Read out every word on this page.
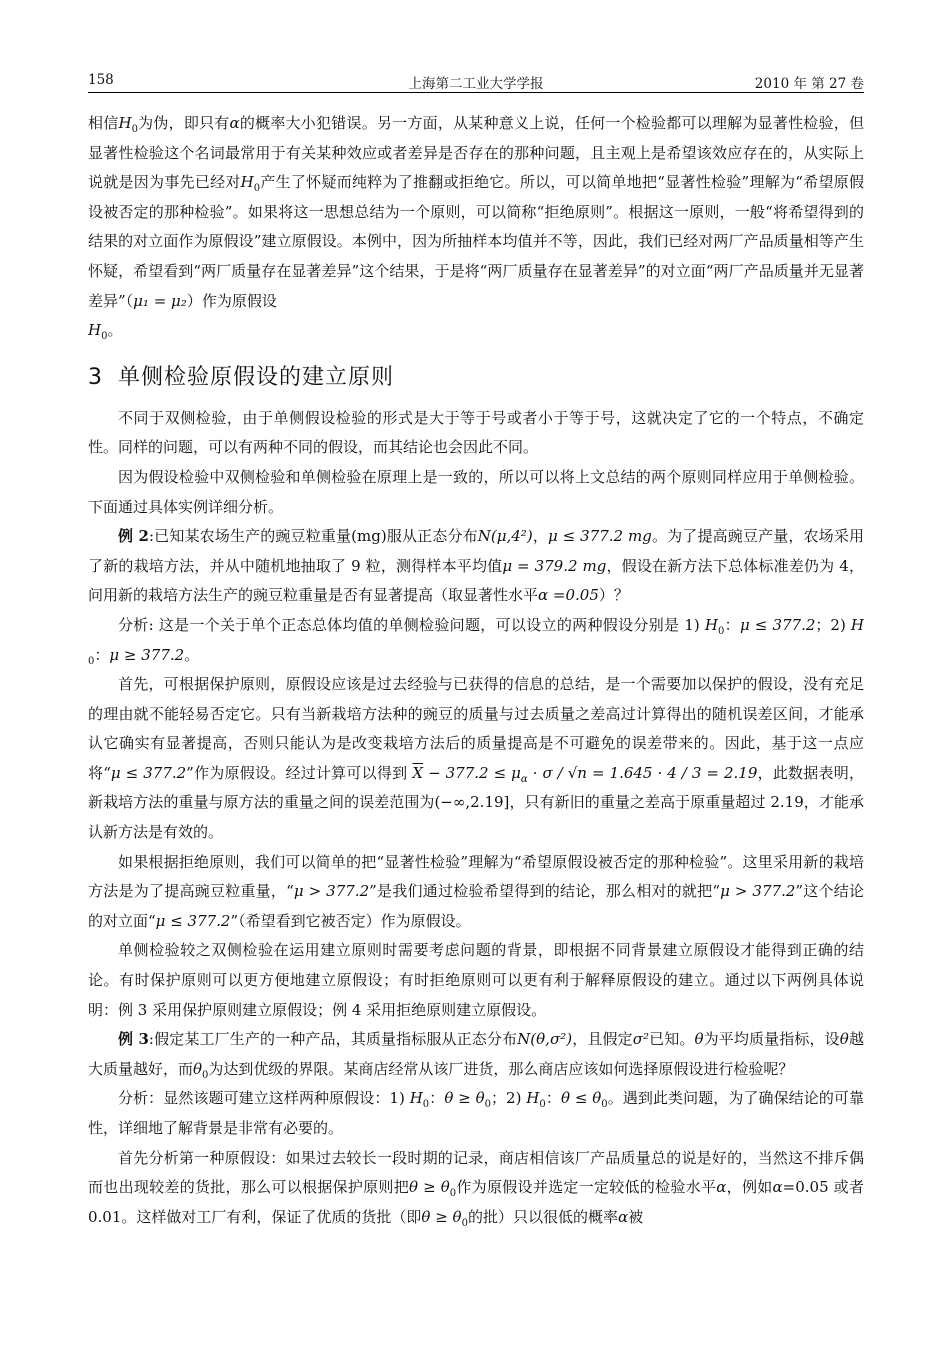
上海第二工业大学学报
158	2010 年 第 27 卷

相信$H_0$为伪，即只有α的概率大小犯错误。另一方面，从某种意义上说，任何一个检验都可以理解为显著性检验，但显著性检验这个名词最常用于有关某种效应或者差异是否存在的那种问题，且主观上是希望该效应存在的，从实际上说就是因为事先已经对$H_0$产生了怀疑而纯粹为了推翻或拒绝它。所以，可以简单地把“显著性检验”理解为“希望原假设被否定的那种检验”。如果将这一思想总结为一个原则，可以简称“拒绝原则”。根据这一原则，一般“将希望得到的结果的对立面作为原假设”建立原假设。本例中，因为所抽样本均值并不等，因此，我们已经对两厂产品质量相等产生怀疑，希望看到“两厂质量存在显著差异”这个结果，于是将“两厂质量存在显著差异”的对立面“两厂产品质量并无显著差异”（μ₁ = μ₂）作为原假设
$H_0$。

3 单侧检验原假设的建立原则

不同于双侧检验，由于单侧假设检验的形式是大于等于号或者小于等于号，这就决定了它的一个特点，不确定性。同样的问题，可以有两种不同的假设，而其结论也会因此不同。

因为假设检验中双侧检验和单侧检验在原理上是一致的，所以可以将上文总结的两个原则同样应用于单侧检验。下面通过具体实例详细分析。

例 2:已知某农场生产的豌豆粒重量(mg)服从正态分布N(μ,4²)，μ ≤ 377.2 mg。为了提高豌豆产量，农场采用了新的栽培方法，并从中随机地抽取了 9 粒，测得样本平均值μ = 379.2 mg，假设在新方法下总体标准差仍为 4，问用新的栽培方法生产的豌豆粒重量是否有显著提高（取显著性水平α =0.05）？

分析: 这是一个关于单个正态总体均值的单侧检验问题，可以设立的两种假设分别是 1) $H_0$：μ ≤ 377.2；2) $H_0$：μ ≥ 377.2。

首先，可根据保护原则，原假设应该是过去经验与已获得的信息的总结，是一个需要加以保护的假设，没有充足的理由就不能轻易否定它。只有当新栽培方法种的豌豆的质量与过去质量之差高过计算得出的随机误差区间，才能承认它确实有显著提高，否则只能认为是改变栽培方法后的质量提高是不可避免的误差带来的。因此，基于这一点应将“μ ≤ 377.2”作为原假设。经过计算可以得到 $\overline{X} - 377.2 \le \mu_\alpha \cdot \sigma / √n = 1.645 \cdot 4 / 3 = 2.19$，此数据表明，新栽培方法的重量与原方法的重量之间的误差范围为(−∞,2.19]，只有新旧的重量之差高于原重量超过 2.19，才能承认新方法是有效的。

如果根据拒绝原则，我们可以简单的把“显著性检验”理解为“希望原假设被否定的那种检验”。这里采用新的栽培方法是为了提高豌豆粒重量，“μ > 377.2”是我们通过检验希望得到的结论，那么相对的就把“μ > 377.2”这个结论的对立面“μ ≤ 377.2”（希望看到它被否定）作为原假设。

单侧检验较之双侧检验在运用建立原则时需要考虑问题的背景，即根据不同背景建立原假设才能得到正确的结论。有时保护原则可以更方便地建立原假设；有时拒绝原则可以更有利于解释原假设的建立。通过以下两例具体说明：例 3 采用保护原则建立原假设；例 4 采用拒绝原则建立原假设。

例 3:假定某工厂生产的一种产品，其质量指标服从正态分布N(θ,σ²)，且假定σ²已知。θ为平均质量指标，设θ越大质量越好，而$\theta_0$为达到优级的界限。某商店经常从该厂进货，那么商店应该如何选择原假设进行检验呢？

分析：显然该题可建立这样两种原假设：1) $H_0$：$\theta \ge \theta_0$；2) $H_0$：$\theta \le \theta_0$。遇到此类问题，为了确保结论的可靠性，详细地了解背景是非常有必要的。

首先分析第一种原假设：如果过去较长一段时期的记录，商店相信该厂产品质量总的说是好的，当然这不排斥偶而也出现较差的货批，那么可以根据保护原则把$\theta \ge \theta_0$作为原假设并选定一定较低的检验水平α，例如α=0.05 或者 0.01。这样做对工厂有利，保证了优质的货批（即$\theta \ge \theta_0$的批）只以很低的概率α被
